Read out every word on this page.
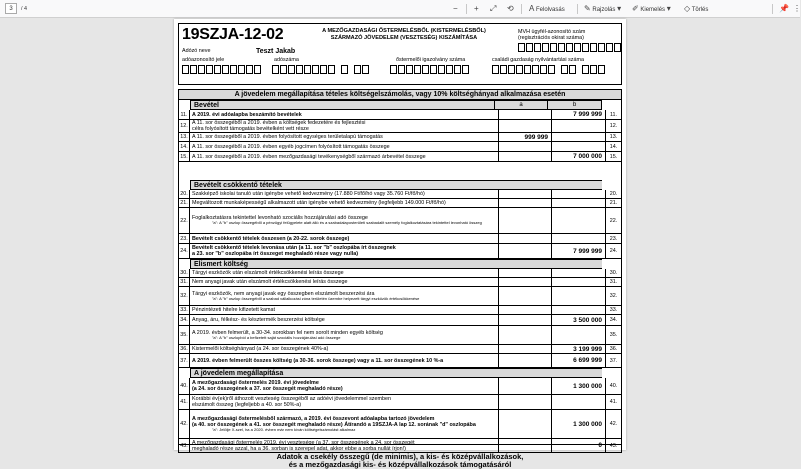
3	/ 4	− + ⤢ ⟲ A Felolvasás ✎ Rajzolás ▾ ✐ Kiemelés ▾ ◇ Törlés	📌 ⋮
19SZJA-12-02	A MEZŐGAZDASÁGI ŐSTERMELÉSBŐL (KISTERMELÉSBŐL) SZÁRMAZÓ JÖVEDELEM (VESZTESÉG) KISZÁMÍTÁSA
MVH ügyfél-azonosító szám
(regisztrációs okirat száma)
Adózó neve	Teszt Jakab
adóazonosító jele	adószáma	őstermelői igazolvány száma	családi gazdaság nyilvántartási száma
A jövedelem megállapítása tételes költségelszámolás, vagy 10% költséghányad alkalmazása esetén
Bevétel	a	b
Bevételt csökkentő tételek
Elismert költség
A jövedelem megállapítása
Adatok a csekély összegű (de minimis), a kis- és középvállalkozások,
és a mezőgazdasági kis- és középvállalkozások támogatásáról
11. A 2019. évi adóalapba beszámító bevételek	7 999 999	11.
12. A 11. sor összegéből a 2019. évben a költségek fedezetére és fejlesztési
célra folyósított támogatás bevételként vett része	12.
13. A 11. sor összegéből a 2019. évben folyósított egységes területalapú támogatás	999 999	13.
14. A 11. sor összegéből a 2019. évben egyéb jogcímen folyósított támogatás összege	14.
15. A 11. sor összegéből a 2019. évben mezőgazdasági tevékenységből származó árbevétel összege	7 000 000	15.
20. Szakképző iskolai tanuló után igénybe vehető kedvezmény (17.880 Ft/fő/hó vagy 35.760 Ft/fő/hó)	20.
21. Megváltozott munkaképességű alkalmazott után igénybe vehető kedvezmény (legfeljebb 149.000 Ft/fő/hó)	21.
22. Foglalkoztatásra tekintettel levonható szociális hozzájárulási adó összege
"a": A "b" oszlop összegéből a pénzügyi felügyelete alatt álló és a szabadalaposterületi szabadalit személy foglalkoztatására tekintettel levonható összeg	22.
23. Bevételt csökkentő tételek összesen (a 20-22. sorok összege)	23.
24. Bevételt csökkentő tételek levonása után (a 11. sor "b" oszlopába írt összegnek
a 23. sor "b" oszlopába írt összeget meghaladó része vagy nulla)	7 999 999	24.
30. Tárgyi eszközök után elszámolt értékcsökkenési leírás összege	30.
31. Nem anyagi javak után elszámolt értékcsökkenési leírás összege	31.
32. Tárgyi eszközök, nem anyagi javak egy összegben elszámolt beszerzési ára
"a": A "b" oszlop összegéből a szabad vállalkozási zóna területén üzembe helyezett tárgyi eszközök értékcsökkenése	32.
33. Pénzintézeti hitelre kifizetett kamat	33.
34. Anyag, áru, félkész- és késztermék beszerzési költsége	3 500 000	34.
35. A 2019. évben felmerült, a 30-34. sorokban fel nem sorolt minden egyéb költség
"a": A "b" oszlopból a befizetett saját szociális hozzájárulási adó összege	35.
36. Kistermelői költséghányad (a 24. sor összegének 40%-a)	3 199 999	36.
37. A 2019. évben felmerült összes költség (a 30-36. sorok összege) vagy a 11. sor összegének 10 %-a	6 699 999	37.
40. A mezőgazdasági őstermelés 2019. évi jövedelme
(a 24. sor összegének a 37. sor összegét meghaladó része)	1 300 000	40.
41. Korábbi év(ek)ről áthozott veszteség összegéből az adóévi jövedelemmel szemben
elszámolt összeg (legfeljebb a 40. sor 50%-a)	41.
42.
A mezőgazdasági őstermelésből származó, a 2019. évi összevont adóalapba tartozó jövedelem
(a 40. sor összegének a 41. sor összegét meghaladó része) Átírandó a 19SZJA-A lap 12. sorának "d" oszlopába
"a": Jelölje X-szel, ha a 2020. évben már nem kíván költségelszámolást alkalmaz
1 300 000	42.
43. A mezőgazdasági őstermelés 2019. évi vesztesége (a 37. sor összegének a 24. sor összegét
meghaladó része azzal, ha a 36. sorban is szerepel adat, akkor ebbe a sorba nullát írjon!)	0	43.
